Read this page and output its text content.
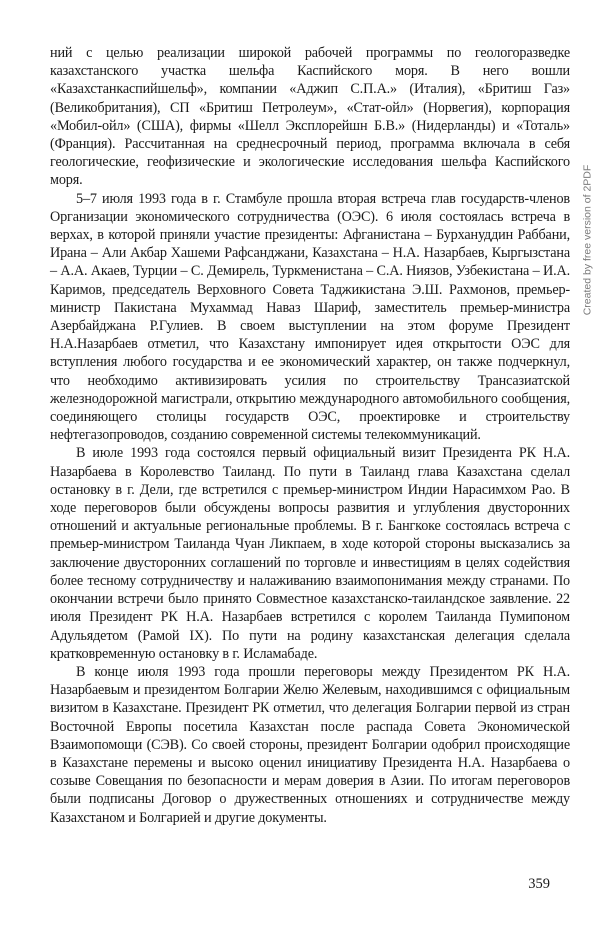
ний с целью реализации широкой рабочей программы по геологоразведке казахстанского участка шельфа Каспийского моря. В него вошли «Казахстанкаспийшельф», компании «Аджип С.П.А.» (Италия), «Бритиш Газ» (Великобритания), СП «Бритиш Петролеум», «Стат-ойл» (Норвегия), корпорация «Мобил-ойл» (США), фирмы «Шелл Эксплорейшн Б.В.» (Нидерланды) и «Тоталь» (Франция). Рассчитанная на среднесрочный период, программа включала в себя геологические, геофизические и экологические исследования шельфа Каспийского моря.

5–7 июля 1993 года в г. Стамбуле прошла вторая встреча глав государств-членов Организации экономического сотрудничества (ОЭС). 6 июля состоялась встреча в верхах, в которой приняли участие президенты: Афганистана – Бурхануддин Раббани, Ирана – Али Акбар Хашеми Рафсанджани, Казахстана – Н.А. Назарбаев, Кыргызстана – А.А. Акаев, Турции – С. Демирель, Туркменистана – С.А. Ниязов, Узбекистана – И.А. Каримов, председатель Верховного Совета Таджикистана Э.Ш. Рахмонов, премьер-министр Пакистана Мухаммад Наваз Шариф, заместитель премьер-министра Азербайджана Р.Гулиев. В своем выступлении на этом форуме Президент Н.А.Назарбаев отметил, что Казахстану импонирует идея открытости ОЭС для вступления любого государства и ее экономический характер, он также подчеркнул, что необходимо активизировать усилия по строительству Трансазиатской железнодорожной магистрали, открытию международного автомобильного сообщения, соединяющего столицы государств ОЭС, проектировке и строительству нефтегазопроводов, созданию современной системы телекоммуникаций.

В июле 1993 года состоялся первый официальный визит Президента РК Н.А. Назарбаева в Королевство Таиланд. По пути в Таиланд глава Казахстана сделал остановку в г. Дели, где встретился с премьер-министром Индии Нарасимхом Рао. В ходе переговоров были обсуждены вопросы развития и углубления двусторонних отношений и актуальные региональные проблемы. В г. Бангкоке состоялась встреча с премьер-министром Таиланда Чуан Ликпаем, в ходе которой стороны высказались за заключение двусторонних соглашений по торговле и инвестициям в целях содействия более тесному сотрудничеству и налаживанию взаимопонимания между странами. По окончании встречи было принято Совместное казахстанско-таиландское заявление. 22 июля Президент РК Н.А. Назарбаев встретился с королем Таиланда Пумипоном Адульядетом (Рамой IX). По пути на родину казахстанская делегация сделала кратковременную остановку в г. Исламабаде.

В конце июля 1993 года прошли переговоры между Президентом РК Н.А. Назарбаевым и президентом Болгарии Желю Желевым, находившимся с официальным визитом в Казахстане. Президент РК отметил, что делегация Болгарии первой из стран Восточной Европы посетила Казахстан после распада Совета Экономической Взаимопомощи (СЭВ). Со своей стороны, президент Болгарии одобрил происходящие в Казахстане перемены и высоко оценил инициативу Президента Н.А. Назарбаева о созыве Совещания по безопасности и мерам доверия в Азии. По итогам переговоров были подписаны Договор о дружественных отношениях и сотрудничестве между Казахстаном и Болгарией и другие документы.

359
Created by free version of 2PDF
